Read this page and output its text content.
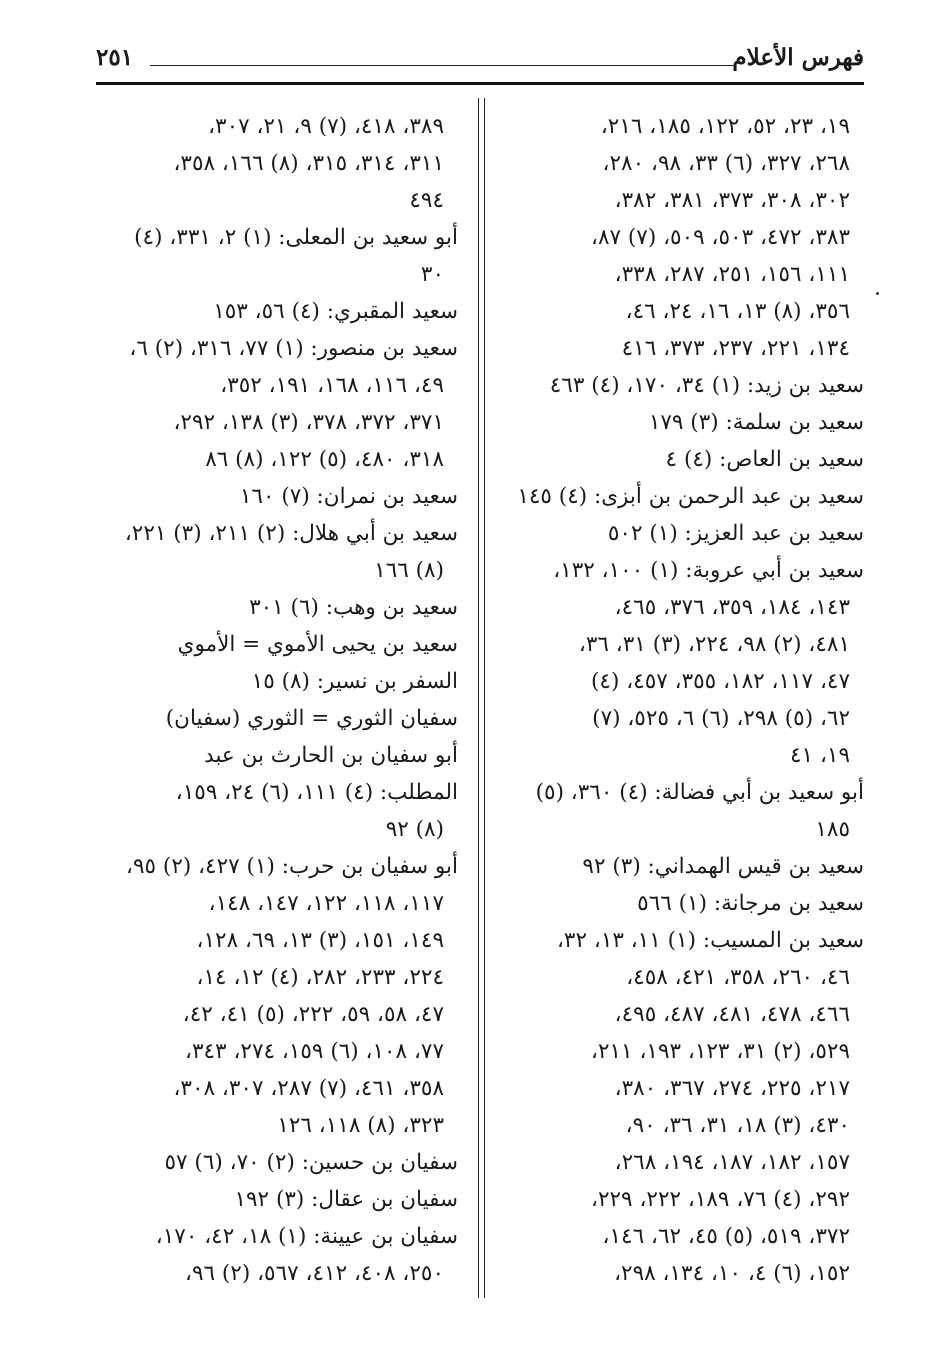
فهرس الأعلام
٢٥١
١٩، ٢٣، ٥٢، ١٢٢، ١٨٥، ٢١٦،
٢٦٨، ٣٢٧، (٦) ٣٣، ٩٨، ٢٨٠،
٣٠٢، ٣٠٨، ٣٧٣، ٣٨١، ٣٨٢،
٣٨٣، ٤٧٢، ٥٠٣، ٥٠٩، (٧) ٨٧،
١١١، ١٥٦، ٢٥١، ٢٨٧، ٣٣٨،
٣٥٦، (٨) ١٣، ١٦، ٢٤، ٤٦،
١٣٤، ٢٢١، ٢٣٧، ٣٧٣، ٤١٦
سعيد بن زيد: (١) ٣٤، ١٧٠، (٤) ٤٦٣
سعيد بن سلمة: (٣) ١٧٩
سعيد بن العاص: (٤) ٤
سعيد بن عبد الرحمن بن أبزى: (٤) ١٤٥
سعيد بن عبد العزيز: (١) ٥٠٢
سعيد بن أبي عروبة: (١) ١٠٠، ١٣٢،
١٤٣، ١٨٤، ٣٥٩، ٣٧٦، ٤٦٥،
٤٨١، (٢) ٩٨، ٢٢٤، (٣) ٣١، ٣٦،
٤٧، ١١٧، ١٨٢، ٣٥٥، ٤٥٧، (٤)
٦٢، (٥) ٢٩٨، (٦) ٦، ٥٢٥، (٧)
١٩، ٤١
أبو سعيد بن أبي فضالة: (٤) ٣٦٠، (٥)
١٨٥
سعيد بن قيس الهمداني: (٣) ٩٢
سعيد بن مرجانة: (١) ٥٦٦
سعيد بن المسيب: (١) ١١، ١٣، ٣٢،
٤٦، ٢٦٠، ٣٥٨، ٤٢١، ٤٥٨،
٤٦٦، ٤٧٨، ٤٨١، ٤٨٧، ٤٩٥،
٥٢٩، (٢) ٣١، ١٢٣، ١٩٣، ٢١١،
٢١٧، ٢٢٥، ٢٧٤، ٣٦٧، ٣٨٠،
٤٣٠، (٣) ١٨، ٣١، ٣٦، ٩٠،
١٥٧، ١٨٢، ١٨٧، ١٩٤، ٢٦٨،
٢٩٢، (٤) ٧٦، ١٨٩، ٢٢٢، ٢٢٩،
٣٧٢، ٥١٩، (٥) ٤٥، ٦٢، ١٤٦،
١٥٢، (٦) ٤، ١٠، ١٣٤، ٢٩٨،
٣٨٩، ٤١٨، (٧) ٩، ٢١، ٣٠٧،
٣١١، ٣١٤، ٣١٥، (٨) ١٦٦، ٣٥٨،
٤٩٤
أبو سعيد بن المعلى: (١) ٢، ٣٣١، (٤)
٣٠
سعيد المقبري: (٤) ٥٦، ١٥٣
سعيد بن منصور: (١) ٧٧، ٣١٦، (٢) ٦،
٤٩، ١١٦، ١٦٨، ١٩١، ٣٥٢،
٣٧١، ٣٧٢، ٣٧٨، (٣) ١٣٨، ٢٩٢،
٣١٨، ٤٨٠، (٥) ١٢٢، (٨) ٨٦
سعيد بن نمران: (٧) ١٦٠
سعيد بن أبي هلال: (٢) ٢١١، (٣) ٢٢١،
(٨) ١٦٦
سعيد بن وهب: (٦) ٣٠١
سعيد بن يحيى الأموي = الأموي
السفر بن نسير: (٨) ١٥
سفيان الثوري = الثوري (سفيان)
أبو سفيان بن الحارث بن عبد
المطلب: (٤) ١١١، (٦) ٢٤، ١٥٩،
(٨) ٩٢
أبو سفيان بن حرب: (١) ٤٢٧، (٢) ٩٥،
١١٧، ١١٨، ١٢٢، ١٤٧، ١٤٨،
١٤٩، ١٥١، (٣) ١٣، ٦٩، ١٢٨،
٢٢٤، ٢٣٣، ٢٨٢، (٤) ١٢، ١٤،
٤٧، ٥٨، ٥٩، ٢٢٢، (٥) ٤١، ٤٢،
٧٧، ١٠٨، (٦) ١٥٩، ٢٧٤، ٣٤٣،
٣٥٨، ٤٦١، (٧) ٢٨٧، ٣٠٧، ٣٠٨،
٣٢٣، (٨) ١١٨، ١٢٦
سفيان بن حسين: (٢) ٧٠، (٦) ٥٧
سفيان بن عقال: (٣) ١٩٢
سفيان بن عيينة: (١) ١٨، ٤٢، ١٧٠،
٢٥٠، ٤٠٨، ٤١٢، ٥٦٧، (٢) ٩٦،
